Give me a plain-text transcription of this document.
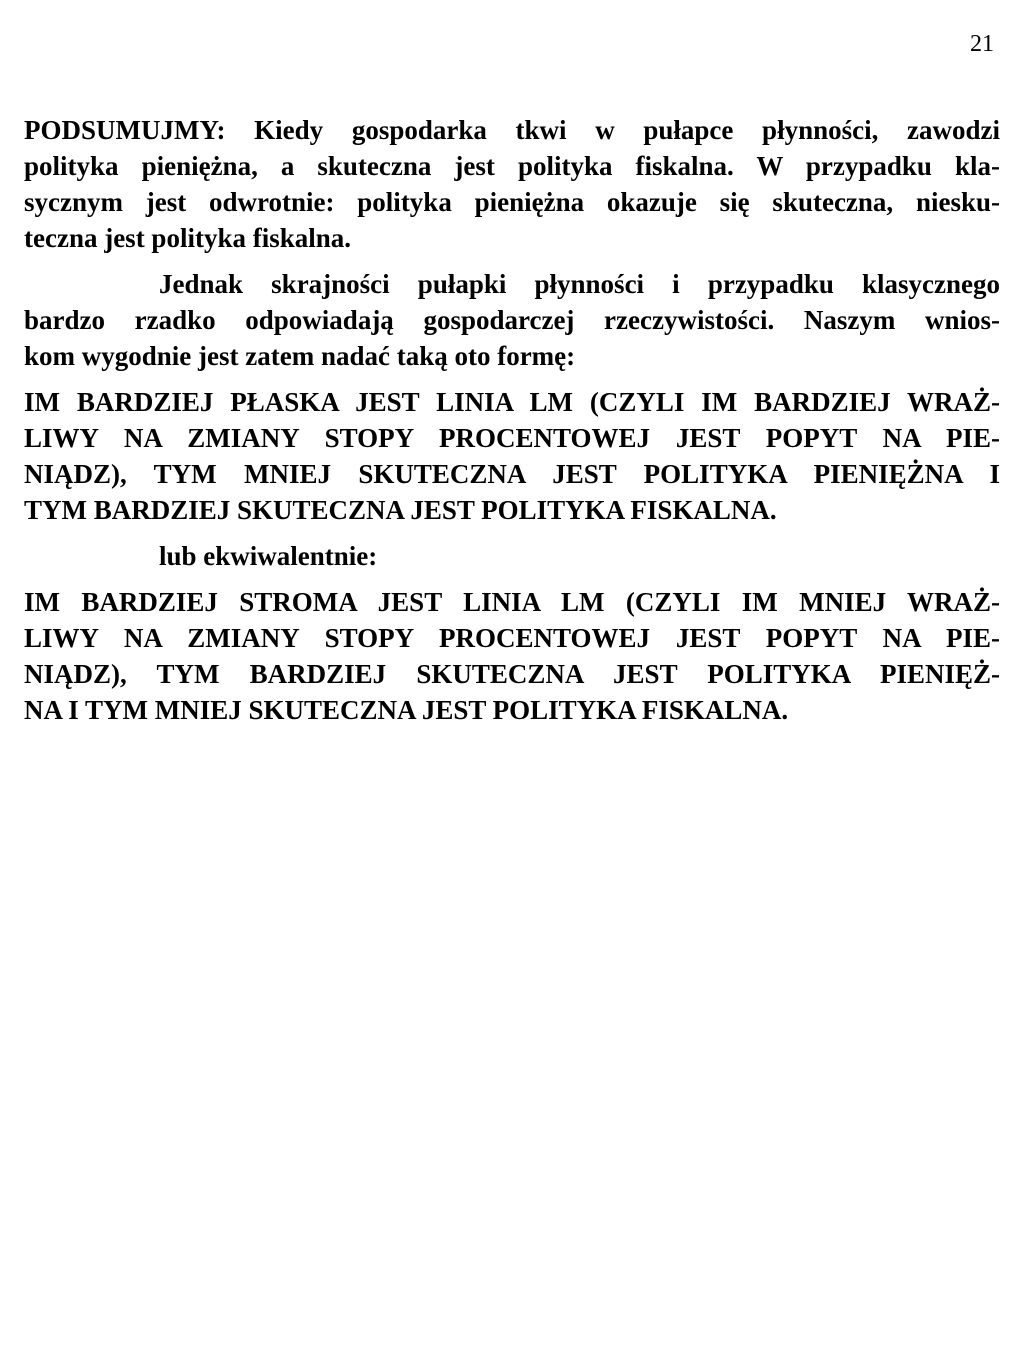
21
PODSUMUJMY: Kiedy gospodarka tkwi w pułapce płynności, zawodzi
polityka pieniężna, a skuteczna jest polityka fiskalna. W przypadku kla-
sycznym jest odwrotnie: polityka pieniężna okazuje się skuteczna, niesku-
teczna jest polityka fiskalna.
Jednak skrajności pułapki płynności i przypadku klasycznego
bardzo rzadko odpowiadają gospodarczej rzeczywistości. Naszym wnios-
kom wygodnie jest zatem nadać taką oto formę:
IM BARDZIEJ PŁASKA JEST LINIA LM (CZYLI IM BARDZIEJ WRAŻ-
LIWY NA ZMIANY STOPY PROCENTOWEJ JEST POPYT NA PIE-
NIĄDZ), TYM MNIEJ SKUTECZNA JEST POLITYKA PIENIĘŻNA I
TYM BARDZIEJ SKUTECZNA JEST POLITYKA FISKALNA.
lub ekwiwalentnie:
IM BARDZIEJ STROMA JEST LINIA LM (CZYLI IM MNIEJ WRAŻ-
LIWY NA ZMIANY STOPY PROCENTOWEJ JEST POPYT NA PIE-
NIĄDZ), TYM BARDZIEJ SKUTECZNA JEST POLITYKA PIENIĘŻ-
NA I TYM MNIEJ SKUTECZNA JEST POLITYKA FISKALNA.
